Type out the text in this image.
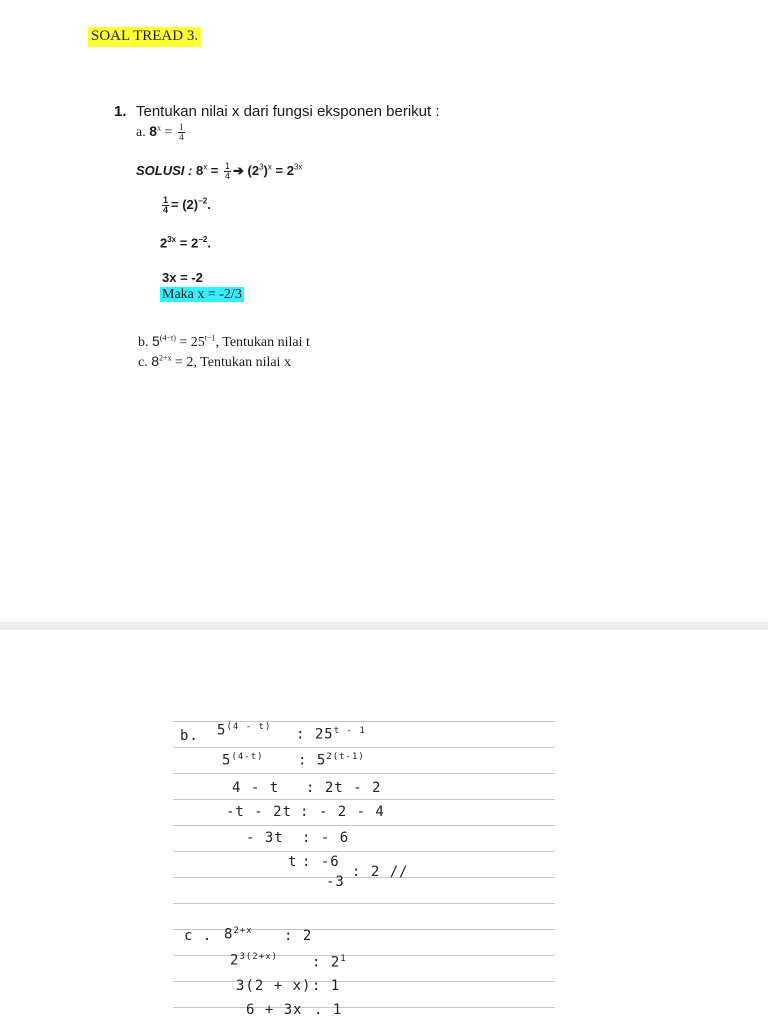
SOAL TREAD 3.
1. Tentukan nilai x dari fungsi eksponen berikut :
a. $8^x = \frac{1}{4}$
SOLUSI : $8^x = \frac{1}{4}$ ➔ $(2^3)^x = 2^{3x}$
$\frac{1}{4} = (2)^{-2}$.
$2^{3x} = 2^{-2}$.
3x = -2
Maka x = -2/3
b. $5^{(4-t)} = 25^{t-1}$, Tentukan nilai t
c. $8^{2+x} = 2$, Tentukan nilai x
b. 5$^{(4 - t)}$ : 25$^{t - 1}$
5$^{(4-t)}$ : $5^{2(t-1)}$
4 - t : 2t - 2
-t - 2t : - 2 - 4
- 3t : - 6
t : -6
-3
: 2 //
c . $8^{2+x}$ : 2
$2^{3(2+x)}$ : $2^1$
3(2 + x) : 1
6 + 3x . 1
